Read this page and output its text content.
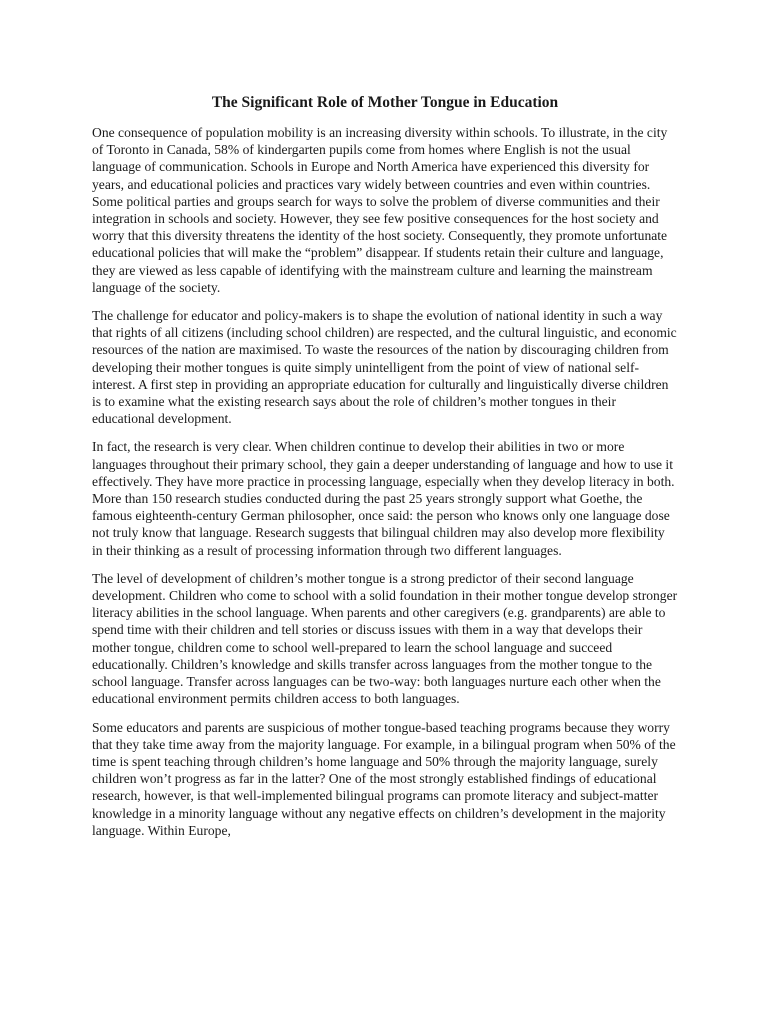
The Significant Role of Mother Tongue in Education

One consequence of population mobility is an increasing diversity within schools. To illustrate, in the city of Toronto in Canada, 58% of kindergarten pupils come from homes where English is not the usual language of communication. Schools in Europe and North America have experienced this diversity for years, and educational policies and practices vary widely between countries and even within countries. Some political parties and groups search for ways to solve the problem of diverse communities and their integration in schools and society. However, they see few positive consequences for the host society and worry that this diversity threatens the identity of the host society. Consequently, they promote unfortunate educational policies that will make the “problem” disappear. If students retain their culture and language, they are viewed as less capable of identifying with the mainstream culture and learning the mainstream language of the society.

The challenge for educator and policy-makers is to shape the evolution of national identity in such a way that rights of all citizens (including school children) are respected, and the cultural linguistic, and economic resources of the nation are maximised. To waste the resources of the nation by discouraging children from developing their mother tongues is quite simply unintelligent from the point of view of national self-interest. A first step in providing an appropriate education for culturally and linguistically diverse children is to examine what the existing research says about the role of children’s mother tongues in their educational development.

In fact, the research is very clear. When children continue to develop their abilities in two or more languages throughout their primary school, they gain a deeper understanding of language and how to use it effectively. They have more practice in processing language, especially when they develop literacy in both. More than 150 research studies conducted during the past 25 years strongly support what Goethe, the famous eighteenth-century German philosopher, once said: the person who knows only one language dose not truly know that language. Research suggests that bilingual children may also develop more flexibility in their thinking as a result of processing information through two different languages.

The level of development of children’s mother tongue is a strong predictor of their second language development. Children who come to school with a solid foundation in their mother tongue develop stronger literacy abilities in the school language. When parents and other caregivers (e.g. grandparents) are able to spend time with their children and tell stories or discuss issues with them in a way that develops their mother tongue, children come to school well-prepared to learn the school language and succeed educationally. Children’s knowledge and skills transfer across languages from the mother tongue to the school language. Transfer across languages can be two-way: both languages nurture each other when the educational environment permits children access to both languages.

Some educators and parents are suspicious of mother tongue-based teaching programs because they worry that they take time away from the majority language. For example, in a bilingual program when 50% of the time is spent teaching through children’s home language and 50% through the majority language, surely children won’t progress as far in the latter? One of the most strongly established findings of educational research, however, is that well-implemented bilingual programs can promote literacy and subject-matter knowledge in a minority language without any negative effects on children’s development in the majority language. Within Europe,
